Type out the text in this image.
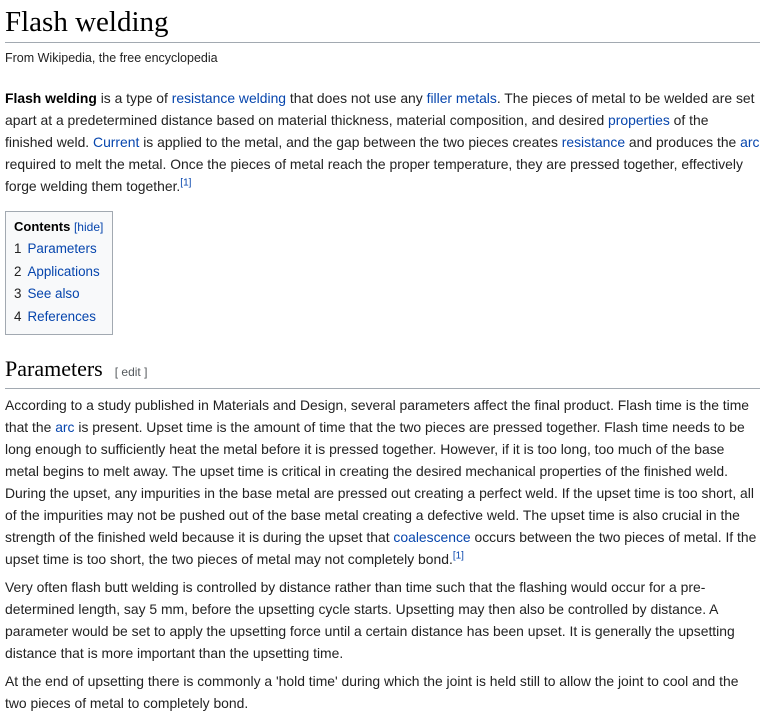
Flash welding
From Wikipedia, the free encyclopedia

Flash welding is a type of resistance welding that does not use any filler metals. The pieces of metal to be welded are set apart at a predetermined distance based on material thickness, material composition, and desired properties of the finished weld. Current is applied to the metal, and the gap between the two pieces creates resistance and produces the arc required to melt the metal. Once the pieces of metal reach the proper temperature, they are pressed together, effectively forge welding them together.[1]

Contents [hide]
1 Parameters
2 Applications
3 See also
4 References
Parameters [ edit ]

According to a study published in Materials and Design, several parameters affect the final product. Flash time is the time that the arc is present. Upset time is the amount of time that the two pieces are pressed together. Flash time needs to be long enough to sufficiently heat the metal before it is pressed together. However, if it is too long, too much of the base metal begins to melt away. The upset time is critical in creating the desired mechanical properties of the finished weld. During the upset, any impurities in the base metal are pressed out creating a perfect weld. If the upset time is too short, all of the impurities may not be pushed out of the base metal creating a defective weld. The upset time is also crucial in the strength of the finished weld because it is during the upset that coalescence occurs between the two pieces of metal. If the upset time is too short, the two pieces of metal may not completely bond.[1]

Very often flash butt welding is controlled by distance rather than time such that the flashing would occur for a pre-determined length, say 5 mm, before the upsetting cycle starts. Upsetting may then also be controlled by distance. A parameter would be set to apply the upsetting force until a certain distance has been upset. It is generally the upsetting distance that is more important than the upsetting time.

At the end of upsetting there is commonly a 'hold time' during which the joint is held still to allow the joint to cool and the two pieces of metal to completely bond.
